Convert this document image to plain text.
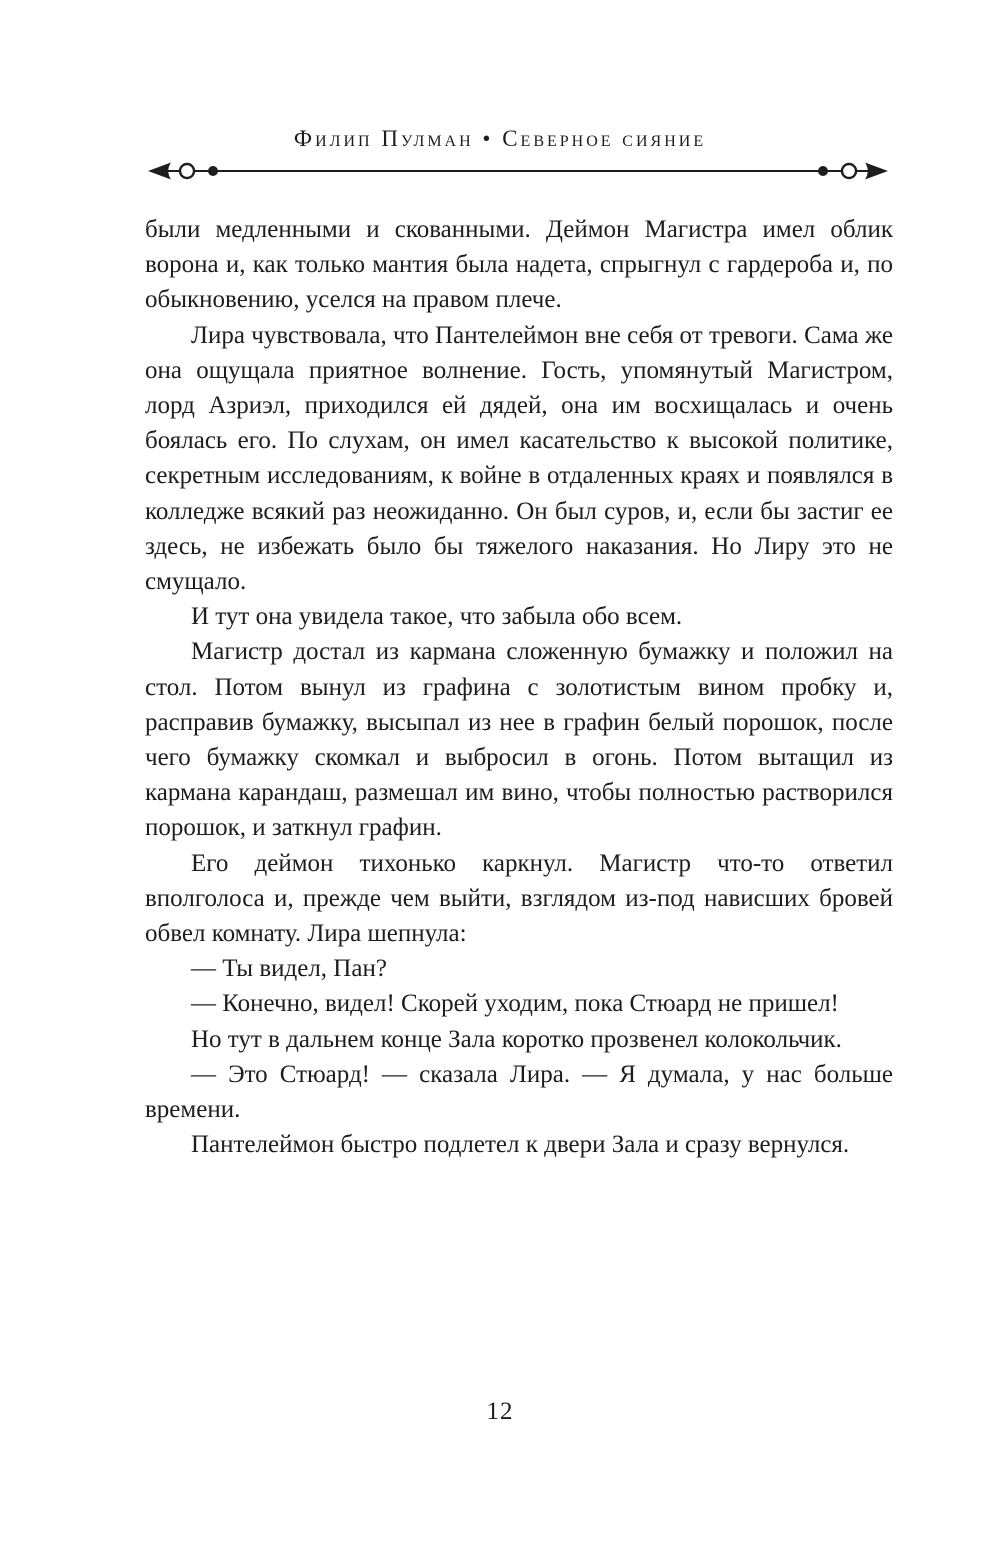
Филип Пулман • Северное сияние

были медленными и скованными. Деймон Магистра имел облик ворона и, как только мантия была надета, спрыгнул с гардероба и, по обыкновению, уселся на правом плече.

Лира чувствовала, что Пантелеймон вне себя от тревоги. Сама же она ощущала приятное волнение. Гость, упомянутый Магистром, лорд Азриэл, приходился ей дядей, она им восхищалась и очень боялась его. По слухам, он имел касательство к высокой политике, секретным исследованиям, к войне в отдаленных краях и появлялся в колледже всякий раз неожиданно. Он был суров, и, если бы застиг ее здесь, не избежать было бы тяжелого наказания. Но Лиру это не смущало.

И тут она увидела такое, что забыла обо всем.

Магистр достал из кармана сложенную бумажку и положил на стол. Потом вынул из графина с золотистым вином пробку и, расправив бумажку, высыпал из нее в графин белый порошок, после чего бумажку скомкал и выбросил в огонь. Потом вытащил из кармана карандаш, размешал им вино, чтобы полностью растворился порошок, и заткнул графин.

Его деймон тихонько каркнул. Магистр что-то ответил вполголоса и, прежде чем выйти, взглядом из-под нависших бровей обвел комнату. Лира шепнула:

— Ты видел, Пан?

— Конечно, видел! Скорей уходим, пока Стюард не пришел!

Но тут в дальнем конце Зала коротко прозвенел колокольчик.

— Это Стюард! — сказала Лира. — Я думала, у нас больше времени.

Пантелеймон быстро подлетел к двери Зала и сразу вернулся.

12
